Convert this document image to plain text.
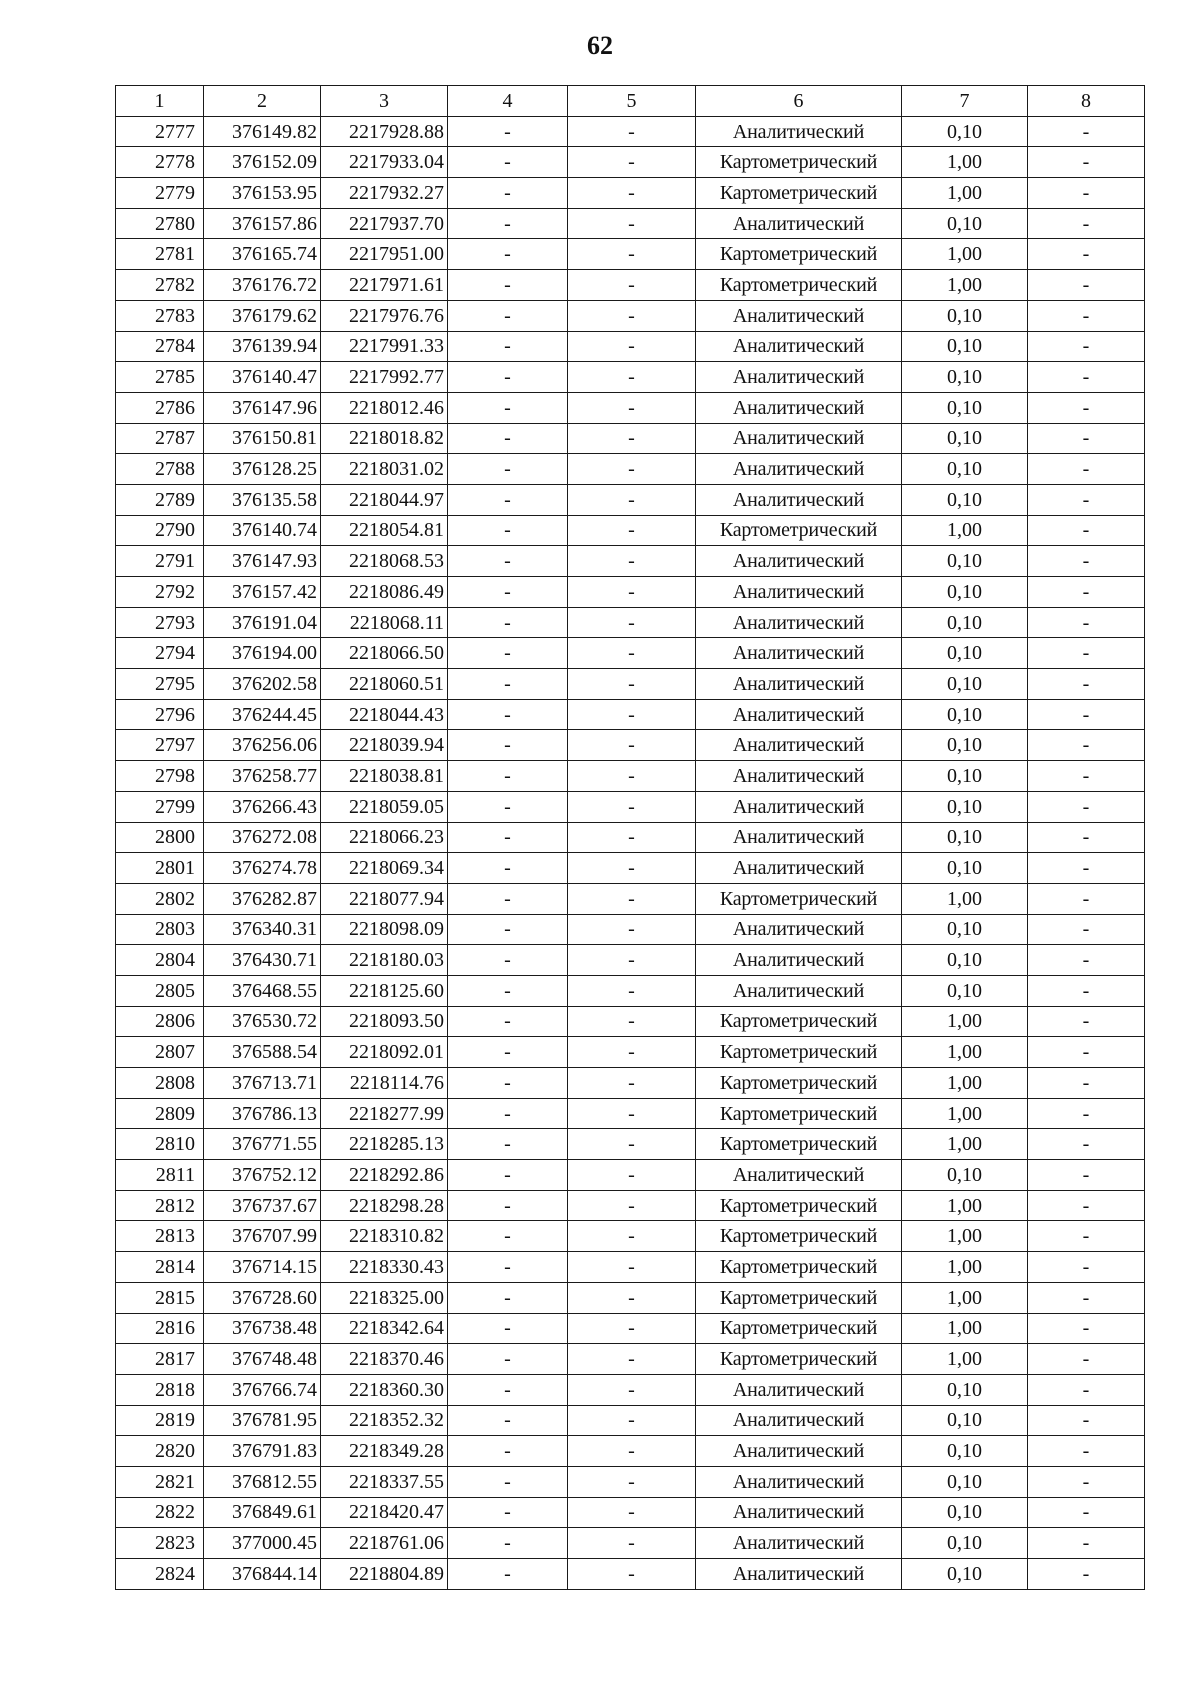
62
1	2	3	4	5	6	7	8
2777	376149.82	2217928.88	-	-	Аналитический	0,10	-
2778	376152.09	2217933.04	-	-	Картометрический	1,00	-
2779	376153.95	2217932.27	-	-	Картометрический	1,00	-
2780	376157.86	2217937.70	-	-	Аналитический	0,10	-
2781	376165.74	2217951.00	-	-	Картометрический	1,00	-
2782	376176.72	2217971.61	-	-	Картометрический	1,00	-
2783	376179.62	2217976.76	-	-	Аналитический	0,10	-
2784	376139.94	2217991.33	-	-	Аналитический	0,10	-
2785	376140.47	2217992.77	-	-	Аналитический	0,10	-
2786	376147.96	2218012.46	-	-	Аналитический	0,10	-
2787	376150.81	2218018.82	-	-	Аналитический	0,10	-
2788	376128.25	2218031.02	-	-	Аналитический	0,10	-
2789	376135.58	2218044.97	-	-	Аналитический	0,10	-
2790	376140.74	2218054.81	-	-	Картометрический	1,00	-
2791	376147.93	2218068.53	-	-	Аналитический	0,10	-
2792	376157.42	2218086.49	-	-	Аналитический	0,10	-
2793	376191.04	2218068.11	-	-	Аналитический	0,10	-
2794	376194.00	2218066.50	-	-	Аналитический	0,10	-
2795	376202.58	2218060.51	-	-	Аналитический	0,10	-
2796	376244.45	2218044.43	-	-	Аналитический	0,10	-
2797	376256.06	2218039.94	-	-	Аналитический	0,10	-
2798	376258.77	2218038.81	-	-	Аналитический	0,10	-
2799	376266.43	2218059.05	-	-	Аналитический	0,10	-
2800	376272.08	2218066.23	-	-	Аналитический	0,10	-
2801	376274.78	2218069.34	-	-	Аналитический	0,10	-
2802	376282.87	2218077.94	-	-	Картометрический	1,00	-
2803	376340.31	2218098.09	-	-	Аналитический	0,10	-
2804	376430.71	2218180.03	-	-	Аналитический	0,10	-
2805	376468.55	2218125.60	-	-	Аналитический	0,10	-
2806	376530.72	2218093.50	-	-	Картометрический	1,00	-
2807	376588.54	2218092.01	-	-	Картометрический	1,00	-
2808	376713.71	2218114.76	-	-	Картометрический	1,00	-
2809	376786.13	2218277.99	-	-	Картометрический	1,00	-
2810	376771.55	2218285.13	-	-	Картометрический	1,00	-
2811	376752.12	2218292.86	-	-	Аналитический	0,10	-
2812	376737.67	2218298.28	-	-	Картометрический	1,00	-
2813	376707.99	2218310.82	-	-	Картометрический	1,00	-
2814	376714.15	2218330.43	-	-	Картометрический	1,00	-
2815	376728.60	2218325.00	-	-	Картометрический	1,00	-
2816	376738.48	2218342.64	-	-	Картометрический	1,00	-
2817	376748.48	2218370.46	-	-	Картометрический	1,00	-
2818	376766.74	2218360.30	-	-	Аналитический	0,10	-
2819	376781.95	2218352.32	-	-	Аналитический	0,10	-
2820	376791.83	2218349.28	-	-	Аналитический	0,10	-
2821	376812.55	2218337.55	-	-	Аналитический	0,10	-
2822	376849.61	2218420.47	-	-	Аналитический	0,10	-
2823	377000.45	2218761.06	-	-	Аналитический	0,10	-
2824	376844.14	2218804.89	-	-	Аналитический	0,10	-
